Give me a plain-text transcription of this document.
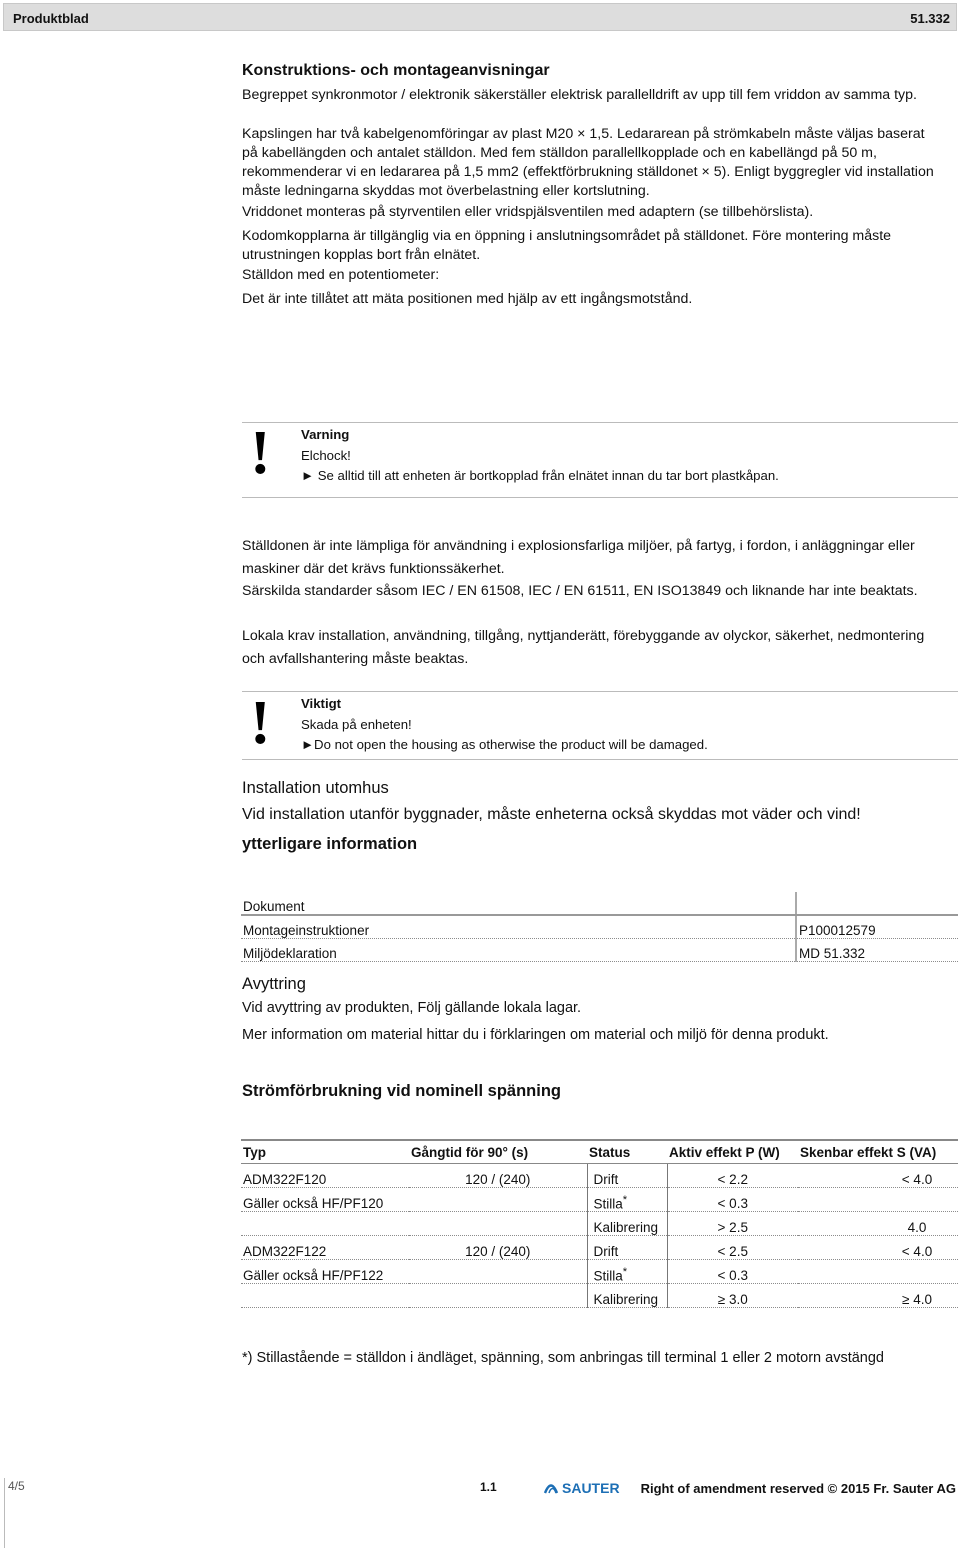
Produktblad	51.332
Konstruktions- och montageanvisningar

Begreppet synkronmotor / elektronik säkerställer elektrisk parallelldrift av upp till fem vriddon av samma typ.

Kapslingen har två kabelgenomföringar av plast M20 × 1,5. Ledararean på strömkabeln måste väljas baserat på kabellängden och antalet ställdon. Med fem ställdon parallellkopplade och en kabellängd på 50 m, rekommenderar vi en ledararea på 1,5 mm2 (effektförbrukning ställdonet × 5). Enligt byggregler vid installation måste ledningarna skyddas mot överbelastning eller kortslutning.

Vriddonet monteras på styrventilen eller vridspjälsventilen med adaptern (se tillbehörslista).

Kodomkopplarna är tillgänglig via en öppning i anslutningsområdet på ställdonet. Före montering måste utrustningen kopplas bort från elnätet.

Ställdon med en potentiometer:

Det är inte tillåtet att mäta positionen med hjälp av ett ingångsmotstånd.

! Varning
Elchock!
► Se alltid till att enheten är bortkopplad från elnätet innan du tar bort plastkåpan.

Ställdonen är inte lämpliga för användning i explosionsfarliga miljöer, på fartyg, i fordon, i anläggningar eller maskiner där det krävs funktionssäkerhet.

Särskilda standarder såsom IEC / EN 61508, IEC / EN 61511, EN ISO13849 och liknande har inte beaktats.

Lokala krav installation, användning, tillgång, nyttjanderätt, förebyggande av olyckor, säkerhet, nedmontering och avfallshantering måste beaktas.

! Viktigt
Skada på enheten!
►Do not open the housing as otherwise the product will be damaged.
Installation utomhus
Vid installation utanför byggnader, måste enheterna också skyddas mot väder och vind!
ytterligare information
Dokument	
Montageinstruktioner	P100012579
Miljödeklaration	MD 51.332
Avyttring

Vid avyttring av produkten, Följ gällande lokala lagar.

Mer information om material hittar du i förklaringen om material och miljö för denna produkt.

Strömförbrukning vid nominell spänning
Typ	Gångtid för 90° (s)	Status	Aktiv effekt P (W)	Skenbar effekt S (VA)
ADM322F120	120 / (240)	Drift	< 2.2	< 4.0
Gäller också HF/PF120		Stilla*	< 0.3	
		Kalibrering	> 2.5	4.0
ADM322F122	120 / (240)	Drift	< 2.5	< 4.0
Gäller också HF/PF122		Stilla*	< 0.3	
		Kalibrering	≥ 3.0	≥ 4.0

*) Stillastående = ställdon i ändläget, spänning, som anbringas till terminal 1 eller 2 motorn avstängd

4/5	1.1	SAUTER Right of amendment reserved © 2015 Fr. Sauter AG
